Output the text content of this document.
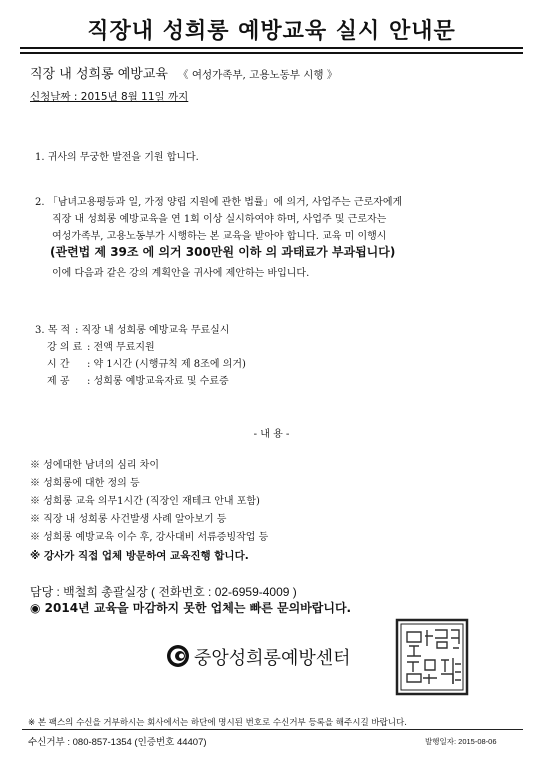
직장내 성희롱 예방교육 실시 안내문
직장 내 성희롱 예방교육 《 여성가족부, 고용노동부 시행 》
신청날짜 : 2015년 8월 11일 까지
1. 귀사의 무궁한 발전을 기원 합니다.
2. 「남녀고용평등과 일, 가정 양립 지원에 관한 법률」에 의거, 사업주는 근로자에게
직장 내 성희롱 예방교육을 연 1회 이상 실시하여야 하며, 사업주 및 근로자는
여성가족부, 고용노동부가 시행하는 본 교육을 받아야 합니다. 교육 미 이행시
(관련법 제 39조 에 의거 300만원 이하 의 과태료가 부과됩니다)
이에 다음과 같은 강의 계획안을 귀사에 제안하는 바입니다.
3. 목 적 : 직장 내 성희롱 예방교육 무료실시
강 의 료 : 전액 무료지원
시 간 : 약 1시간 (시행규칙 제 8조에 의거)
제 공 : 성희롱 예방교육자료 및 수료증
- 내 용 -
※ 성에대한 남녀의 심리 차이
※ 성희롱에 대한 정의 등
※ 성희롱 교육 의무1시간 (직장인 재테크 안내 포함)
※ 직장 내 성희롱 사건발생 사례 알아보기 등
※ 성희롱 예방교육 이수 후, 강사대비 서류증빙작업 등
※ 강사가 직접 업체 방문하여 교육진행 합니다.
담당 : 백철희 총괄실장 ( 전화번호 : 02-6959-4009 )
◉ 2014년 교육을 마감하지 못한 업체는 빠른 문의바랍니다.
중앙성희롱예방센터
※ 본 팩스의 수신을 거부하시는 회사에서는 하단에 명시된 번호로 수신거부 등록을 해주시길 바랍니다.
수신거부 : 080-857-1354 (인증번호 44407)	발행일자: 2015-08-06
